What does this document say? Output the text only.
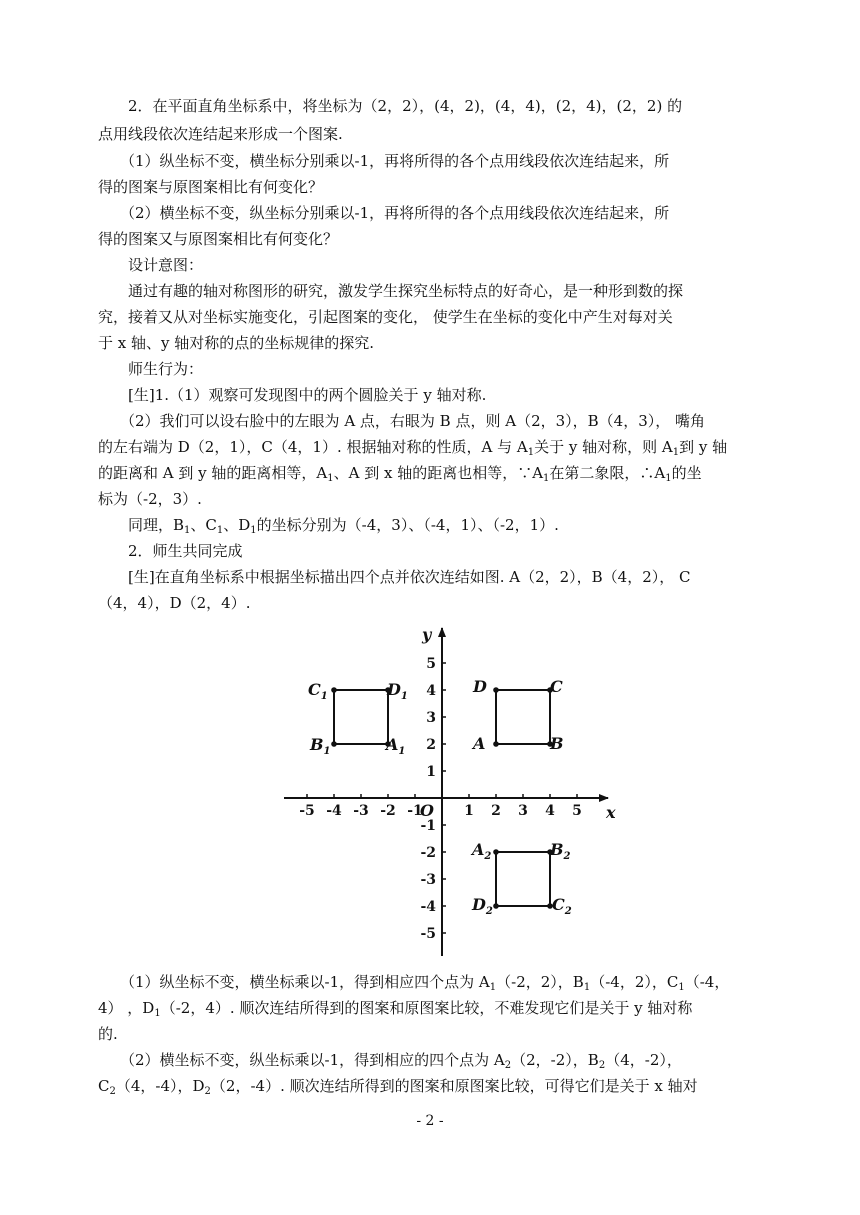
2．在平面直角坐标系中，将坐标为（2，2），(4，2)，(4，4)，(2，4)，(2，2) 的
点用线段依次连结起来形成一个图案.
（1）纵坐标不变，横坐标分别乘以-1，再将所得的各个点用线段依次连结起来，所
得的图案与原图案相比有何变化？
（2）横坐标不变，纵坐标分别乘以-1，再将所得的各个点用线段依次连结起来，所
得的图案又与原图案相比有何变化？
设计意图：
通过有趣的轴对称图形的研究，激发学生探究坐标特点的好奇心，是一种形到数的探
究，接着又从对坐标实施变化，引起图案的变化， 使学生在坐标的变化中产生对每对关
于 x 轴、y 轴对称的点的坐标规律的探究.
师生行为：
[生]1.（1）观察可发现图中的两个圆脸关于 y 轴对称.
（2）我们可以设右脸中的左眼为 A 点，右眼为 B 点，则 A（2，3），B（4，3）， 嘴角
的左右端为 D（2，1），C（4，1）. 根据轴对称的性质，A 与 $A_1$关于 y 轴对称，则 $A_1$到 y 轴
的距离和 A 到 y 轴的距离相等，$A_1$、A 到 x 轴的距离也相等，$\because A_1$在第二象限，$\therefore A_1$的坐
标为（-2，3）.
同理，$B_1$、$C_1$、$D_1$的坐标分别为（-4，3）、（-4，1）、（-2，1）.
2．师生共同完成
[生]在直角坐标系中根据坐标描出四个点并依次连结如图. A（2，2），B（4，2）， C
（4，4），D（2，4）.
x
y
O
-5 -4 -3 -2 -1	1 2 3 4 5
5
4
3
2
1
-1
-2
-3
-4
-5
$C_1$	$D_1$
$B_1$	$A_1$
D	C
A	B
$A_2$	$B_2$
$D_2$	$C_2$
（1）纵坐标不变，横坐标乘以-1，得到相应四个点为 $A_1(-2$，2），$B_1(-4$，2），$C_1(-4$，
4） ，$D_1(-2$，4）. 顺次连结所得到的图案和原图案比较，不难发现它们是关于 y 轴对称
的.
（2）横坐标不变，纵坐标乘以-1，得到相应的四个点为 $A_2(2$，-2），$B_2(4$，-2），
$C_2(4$，-4），$D_2(2$，-4）. 顺次连结所得到的图案和原图案比较，可得它们是关于 x 轴对
- 2 -
